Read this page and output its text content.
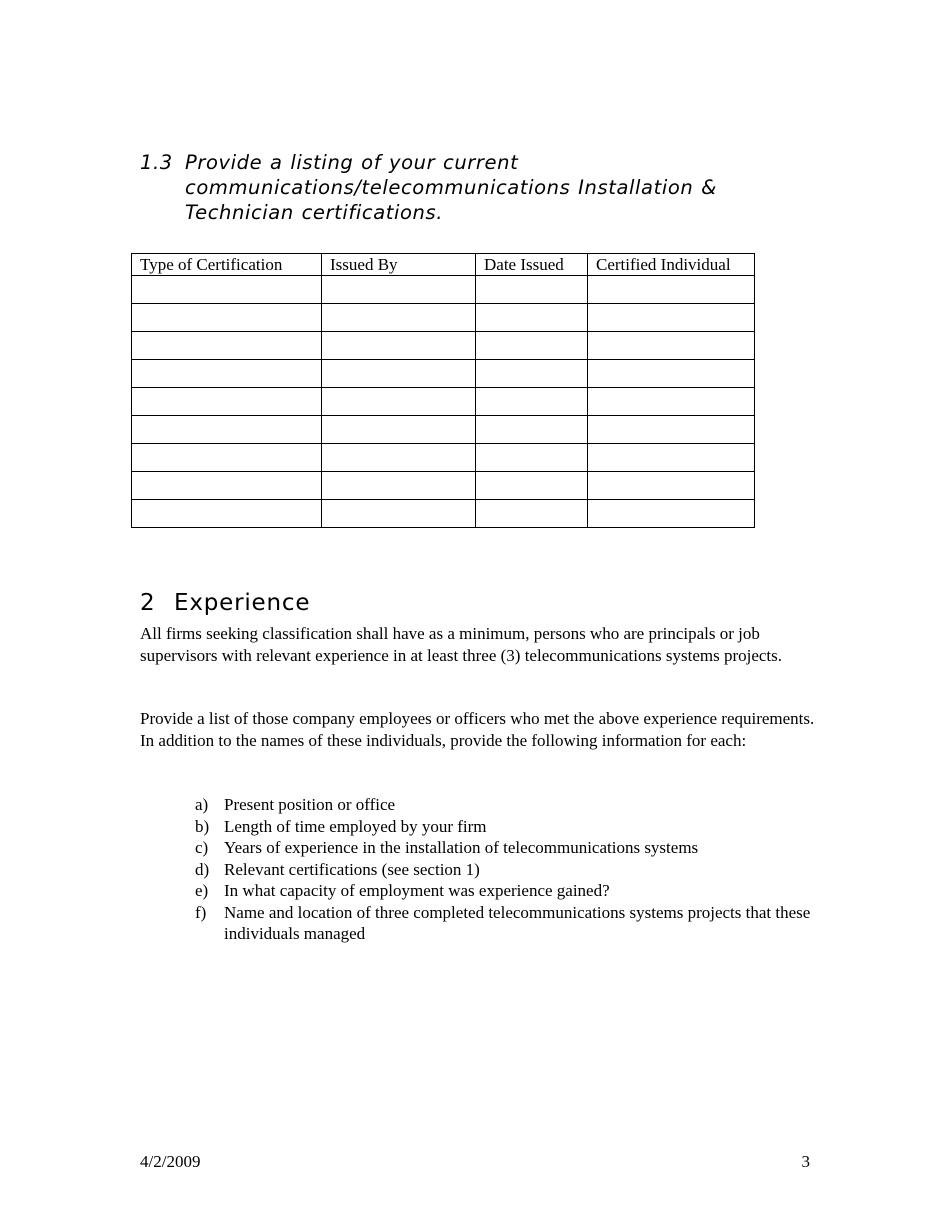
1.3 Provide a listing of your current communications/telecommunications Installation & Technician certifications.
Type of Certification	Issued By	Date Issued	Certified Individual

2 Experience

All firms seeking classification shall have as a minimum, persons who are principals or job supervisors with relevant experience in at least three (3) telecommunications systems projects.

Provide a list of those company employees or officers who met the above experience requirements. In addition to the names of these individuals, provide the following information for each:

a) Present position or office
b) Length of time employed by your firm
c) Years of experience in the installation of telecommunications systems
d) Relevant certifications (see section 1)
e) In what capacity of employment was experience gained?
f) Name and location of three completed telecommunications systems projects that these individuals managed
4/2/2009	3
